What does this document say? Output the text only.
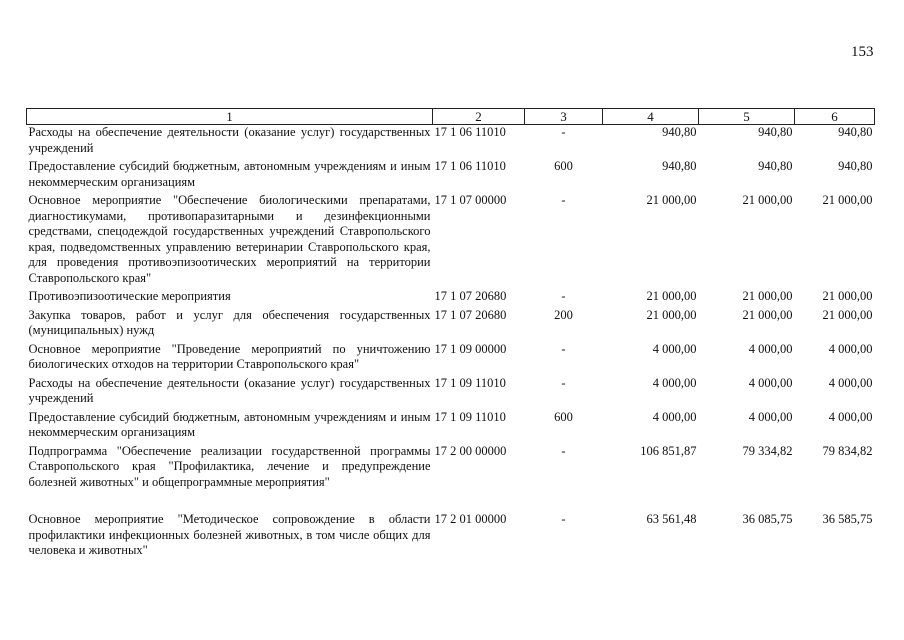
153
1	2	3	4	5	6
Расходы на обеспечение деятельности (оказание услуг) государственных учреждений	17 1 06 11010	-	940,80	940,80	940,80
Предоставление субсидий бюджетным, автономным учреждениям и иным некоммерческим организациям	17 1 06 11010	600	940,80	940,80	940,80
Основное мероприятие "Обеспечение биологическими препаратами, диагностикумами, противопаразитарными и дезинфекционными средствами, спецодеждой государственных учреждений Ставропольского края, подведомственных управлению ветеринарии Ставропольского края, для проведения противоэпизоотических мероприятий на территории Ставропольского края"	17 1 07 00000	-	21 000,00	21 000,00	21 000,00
Противоэпизоотические мероприятия	17 1 07 20680	-	21 000,00	21 000,00	21 000,00
Закупка товаров, работ и услуг для обеспечения государственных (муниципальных) нужд	17 1 07 20680	200	21 000,00	21 000,00	21 000,00
Основное мероприятие "Проведение мероприятий по уничтожению биологических отходов на территории Ставропольского края"	17 1 09 00000	-	4 000,00	4 000,00	4 000,00
Расходы на обеспечение деятельности (оказание услуг) государственных учреждений	17 1 09 11010	-	4 000,00	4 000,00	4 000,00
Предоставление субсидий бюджетным, автономным учреждениям и иным некоммерческим организациям	17 1 09 11010	600	4 000,00	4 000,00	4 000,00
Подпрограмма "Обеспечение реализации государственной программы Ставропольского края "Профилактика, лечение и предупреждение болезней животных" и общепрограммные мероприятия"	17 2 00 00000	-	106 851,87	79 334,82	79 834,82
Основное мероприятие "Методическое сопровождение в области профилактики инфекционных болезней животных, в том числе общих для человека и животных"	17 2 01 00000	-	63 561,48	36 085,75	36 585,75
